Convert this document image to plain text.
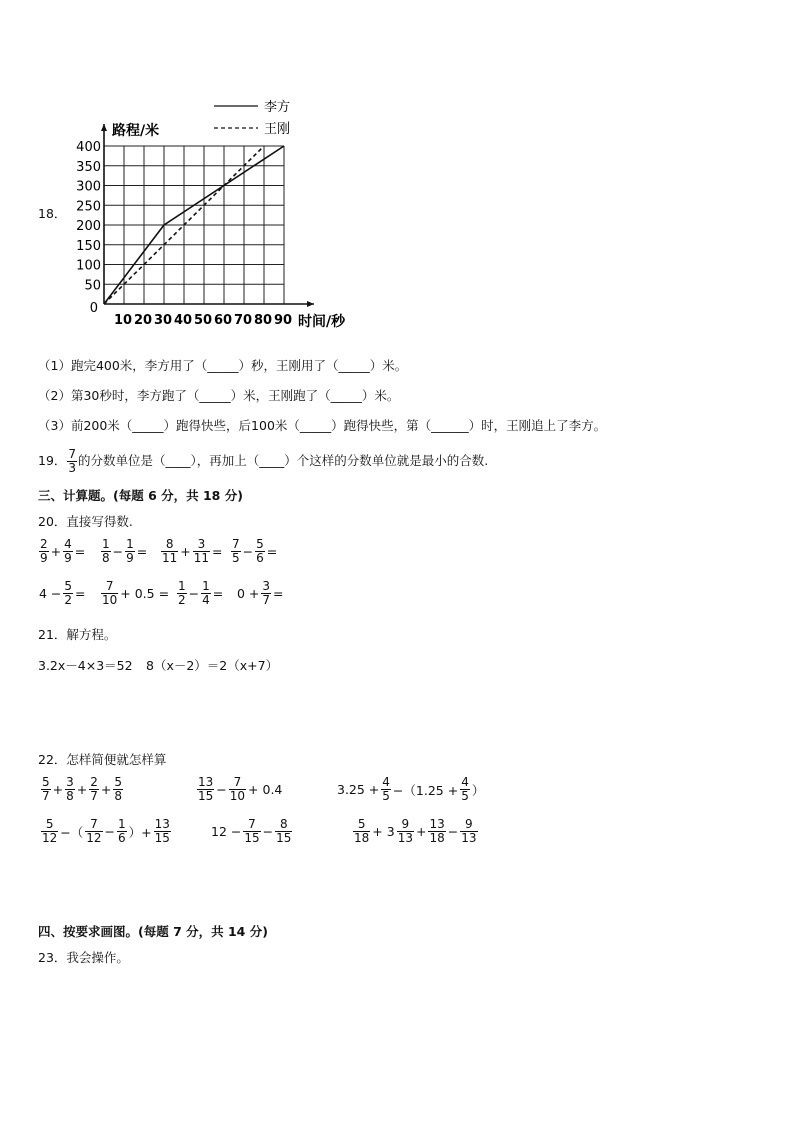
18．
10 20 30 40 50 60 70 80 90
50
100
150
200
250
300
350
400
0
时间/秒
路程/米
李方
王刚
（1）跑完400米，李方用了（_____）秒，王刚用了（_____）米。
（2）第30秒时，李方跑了（_____）米，王刚跑了（_____）米。
（3）前200米（_____）跑得快些，后100米（_____）跑得快些，第（______）时，王刚追上了李方。
19． $\frac{7}{3}$ 的分数单位是（____），再加上（____）个这样的分数单位就是最小的合数.
三、计算题。(每题 6 分，共 18 分)
20．直接写得数.
$\frac{2}{9} + \frac{4}{9} = \frac{1}{8} - \frac{1}{9} = \frac{8}{11} + \frac{3}{11} = \frac{7}{5} - \frac{5}{6}$ =
$4 - \frac{5}{2} = \frac{7}{10} + 0.5 = \frac{1}{2} - \frac{1}{4} = 0 + \frac{3}{7}$ =
21．解方程。
3.2x－4×3＝52 8（x－2）＝2（x+7）
22．怎样简便就怎样算
$\frac{5}{7} + \frac{3}{8} + \frac{2}{7} + \frac{5}{8}$	$\frac{13}{15} - \frac{7}{10} + 0.4$	$3.25 + \frac{4}{5} -(1.25 + \frac{4}{5}$ ）
$\frac{5}{12}$ −（ $\frac{7}{12} - \frac{1}{6}$ ）+ $\frac{13}{15}$	$12 - \frac{7}{15} - \frac{8}{15}$	$\frac{5}{18} + 3 \frac{9}{13} + \frac{13}{18} - \frac{9}{13}$
四、按要求画图。(每题 7 分，共 14 分)
23．我会操作。
